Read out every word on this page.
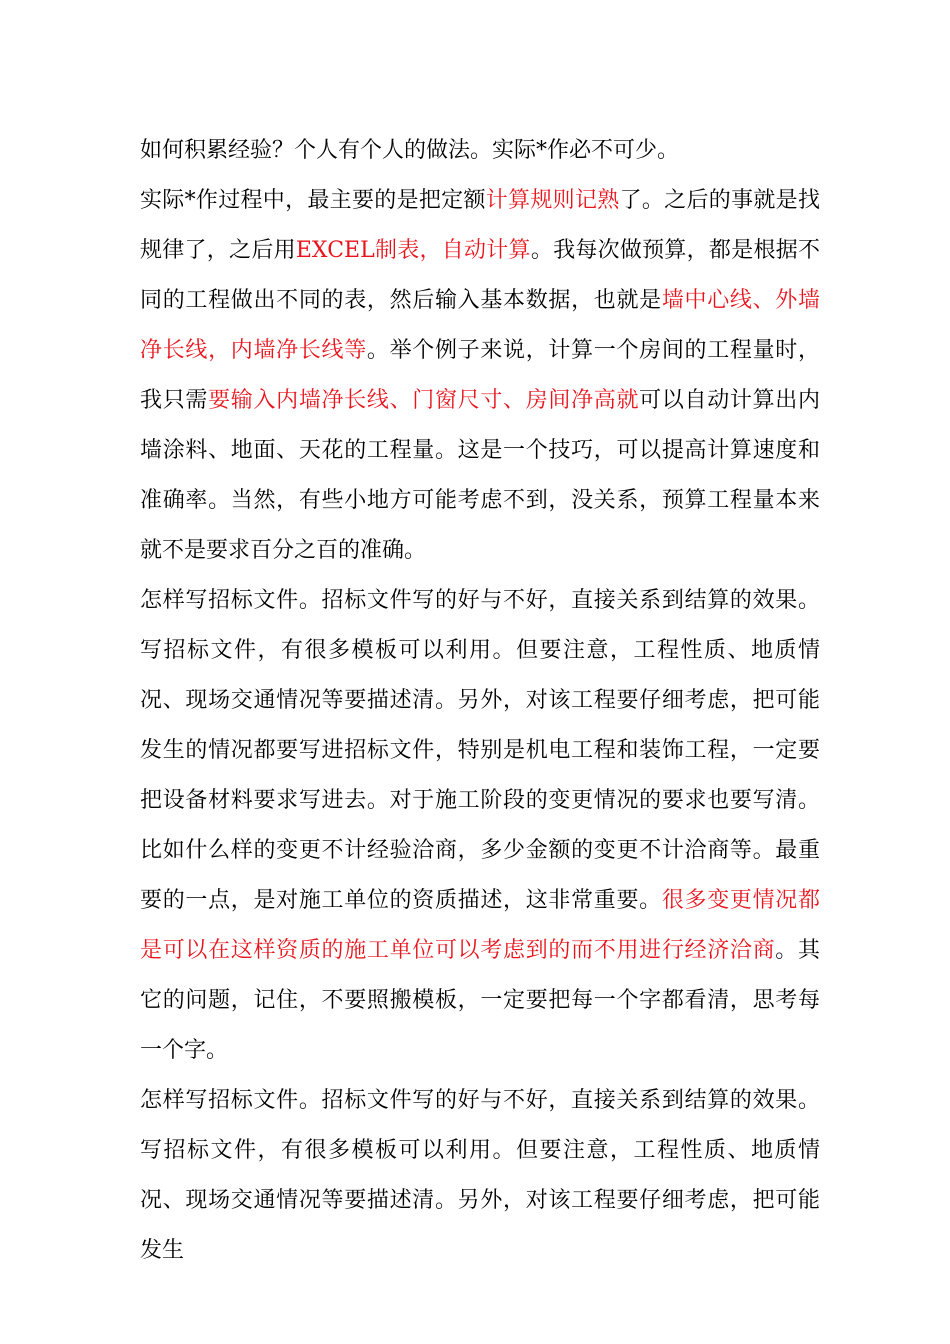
如何积累经验？个人有个人的做法。实际*作必不可少。

实际*作过程中，最主要的是把定额计算规则记熟了。之后的事就是找规律了，之后用EXCEL制表，自动计算。我每次做预算，都是根据不同的工程做出不同的表，然后输入基本数据，也就是墙中心线、外墙净长线，内墙净长线等。举个例子来说，计算一个房间的工程量时，我只需要输入内墙净长线、门窗尺寸、房间净高就可以自动计算出内墙涂料、地面、天花的工程量。这是一个技巧，可以提高计算速度和准确率。当然，有些小地方可能考虑不到，没关系，预算工程量本来就不是要求百分之百的准确。

怎样写招标文件。招标文件写的好与不好，直接关系到结算的效果。写招标文件，有很多模板可以利用。但要注意，工程性质、地质情况、现场交通情况等要描述清。另外，对该工程要仔细考虑，把可能发生的情况都要写进招标文件，特别是机电工程和装饰工程，一定要把设备材料要求写进去。对于施工阶段的变更情况的要求也要写清。比如什么样的变更不计经验洽商，多少金额的变更不计洽商等。最重要的一点，是对施工单位的资质描述，这非常重要。很多变更情况都是可以在这样资质的施工单位可以考虑到的而不用进行经济洽商。其它的问题，记住，不要照搬模板，一定要把每一个字都看清，思考每一个字。

怎样写招标文件。招标文件写的好与不好，直接关系到结算的效果。写招标文件，有很多模板可以利用。但要注意，工程性质、地质情况、现场交通情况等要描述清。另外，对该工程要仔细考虑，把可能发生
